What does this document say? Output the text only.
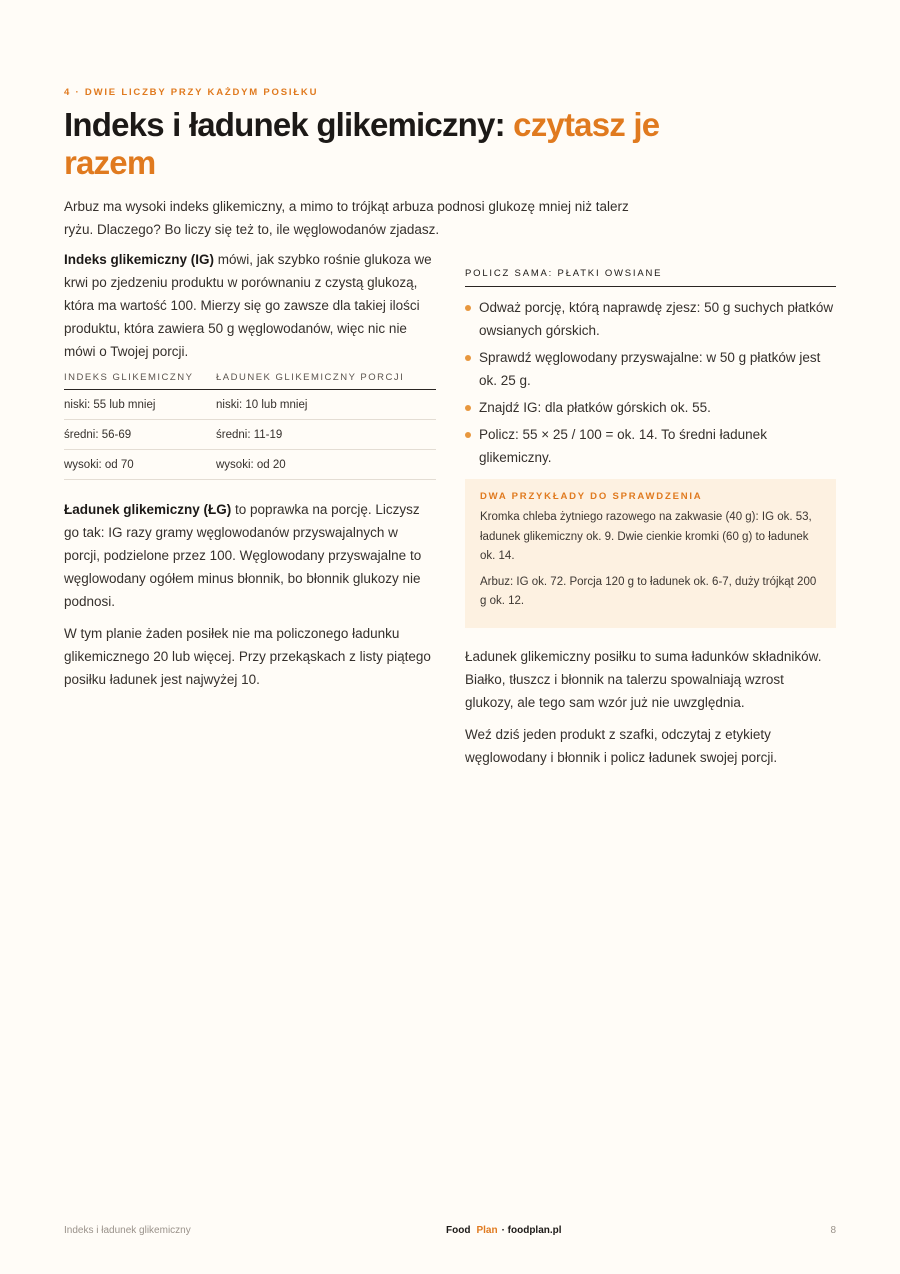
4 · DWIE LICZBY PRZY KAŻDYM POSIŁKU
Indeks i ładunek glikemiczny: czytasz je razem

Arbuz ma wysoki indeks glikemiczny, a mimo to trójkąt arbuza podnosi glukozę mniej niż talerz ryżu. Dlaczego? Bo liczy się też to, ile węglowodanów zjadasz.

Indeks glikemiczny (IG) mówi, jak szybko rośnie glukoza we krwi po zjedzeniu produktu w porównaniu z czystą glukozą, która ma wartość 100. Mierzy się go zawsze dla takiej ilości produktu, która zawiera 50 g węglowodanów, więc nic nie mówi o Twojej porcji.

INDEKS GLIKEMICZNY	ŁADUNEK GLIKEMICZNY PORCJI
niski: 55 lub mniej	niski: 10 lub mniej
średni: 56-69	średni: 11-19
wysoki: od 70	wysoki: od 20

Ładunek glikemiczny (ŁG) to poprawka na porcję. Liczysz go tak: IG razy gramy węglowodanów przyswajalnych w porcji, podzielone przez 100. Węglowodany przyswajalne to węglowodany ogółem minus błonnik, bo błonnik glukozy nie podnosi.

W tym planie żaden posiłek nie ma policzonego ładunku glikemicznego 20 lub więcej. Przy przekąskach z listy piątego posiłku ładunek jest najwyżej 10.

POLICZ SAMA: PŁATKI OWSIANE
Odważ porcję, którą naprawdę zjesz: 50 g suchych płatków owsianych górskich.
Sprawdź węglowodany przyswajalne: w 50 g płatków jest ok. 25 g.
Znajdź IG: dla płatków górskich ok. 55.
Policz: 55 × 25 / 100 = ok. 14. To średni ładunek glikemiczny.
DWA PRZYKŁADY DO SPRAWDZENIA

Kromka chleba żytniego razowego na zakwasie (40 g): IG ok. 53, ładunek glikemiczny ok. 9. Dwie cienkie kromki (60 g) to ładunek ok. 14.

Arbuz: IG ok. 72. Porcja 120 g to ładunek ok. 6-7, duży trójkąt 200 g ok. 12.

Ładunek glikemiczny posiłku to suma ładunków składników. Białko, tłuszcz i błonnik na talerzu spowalniają wzrost glukozy, ale tego sam wzór już nie uwzględnia.

Weź dziś jeden produkt z szafki, odczytaj z etykiety węglowodany i błonnik i policz ładunek swojej porcji.

Indeks i ładunek glikemiczny	Food Plan · foodplan.pl	8
